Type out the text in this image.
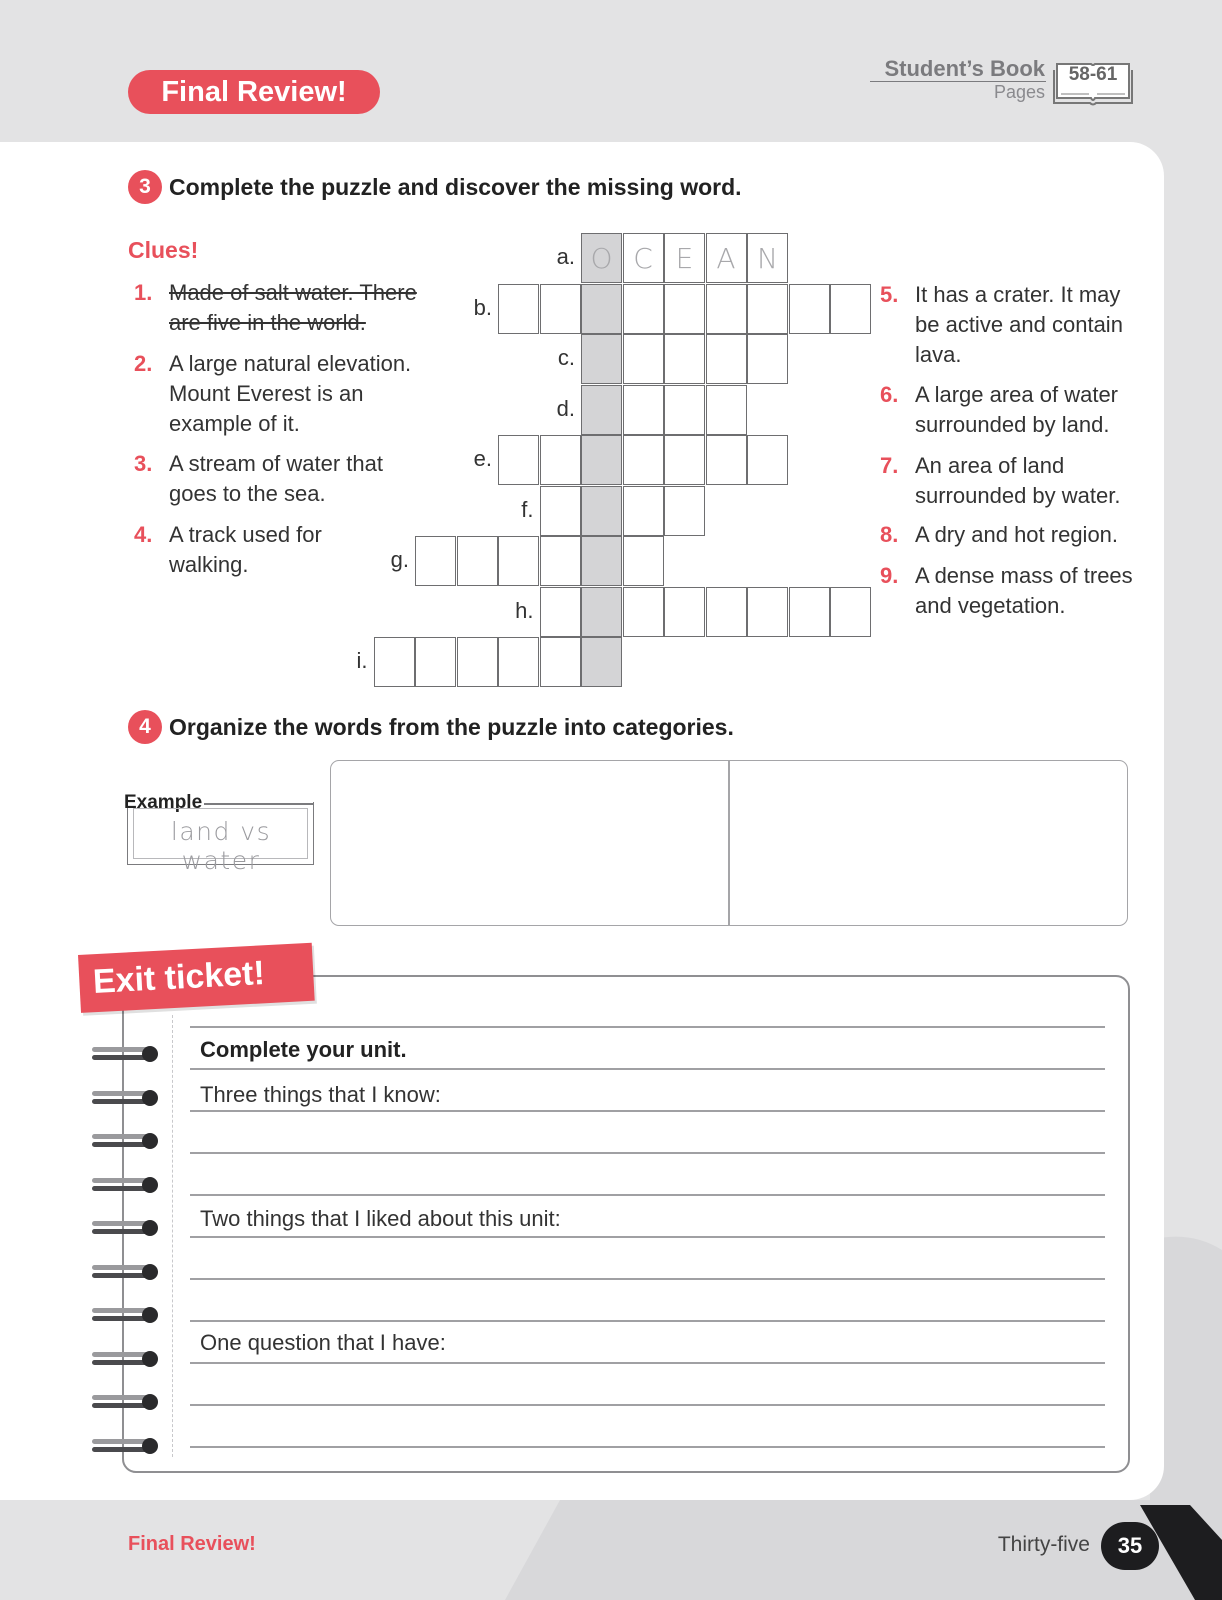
Final Review!
Student’s Book
Pages
58-61
3 Complete the puzzle and discover the missing word.
Clues!
1. Made of salt water. There are five in the world.
2. A large natural elevation. Mount Everest is an example of it.
3. A stream of water that goes to the sea.
4. A track used for walking.
5. It has a crater. It may be active and contain lava.
6. A large area of water surrounded by land.
7. An area of land surrounded by water.
8. A dry and hot region.
9. A dense mass of trees and vegetation.
O C E A N
a.
b.
c.
d.
e.
f.
g.
h.
i.
4 Organize the words from the puzzle into categories.
Example
land vs water
Exit ticket!
Complete your unit.
Three things that I know:
Two things that I liked about this unit:
One question that I have:
Final Review!	Thirty-five	35
